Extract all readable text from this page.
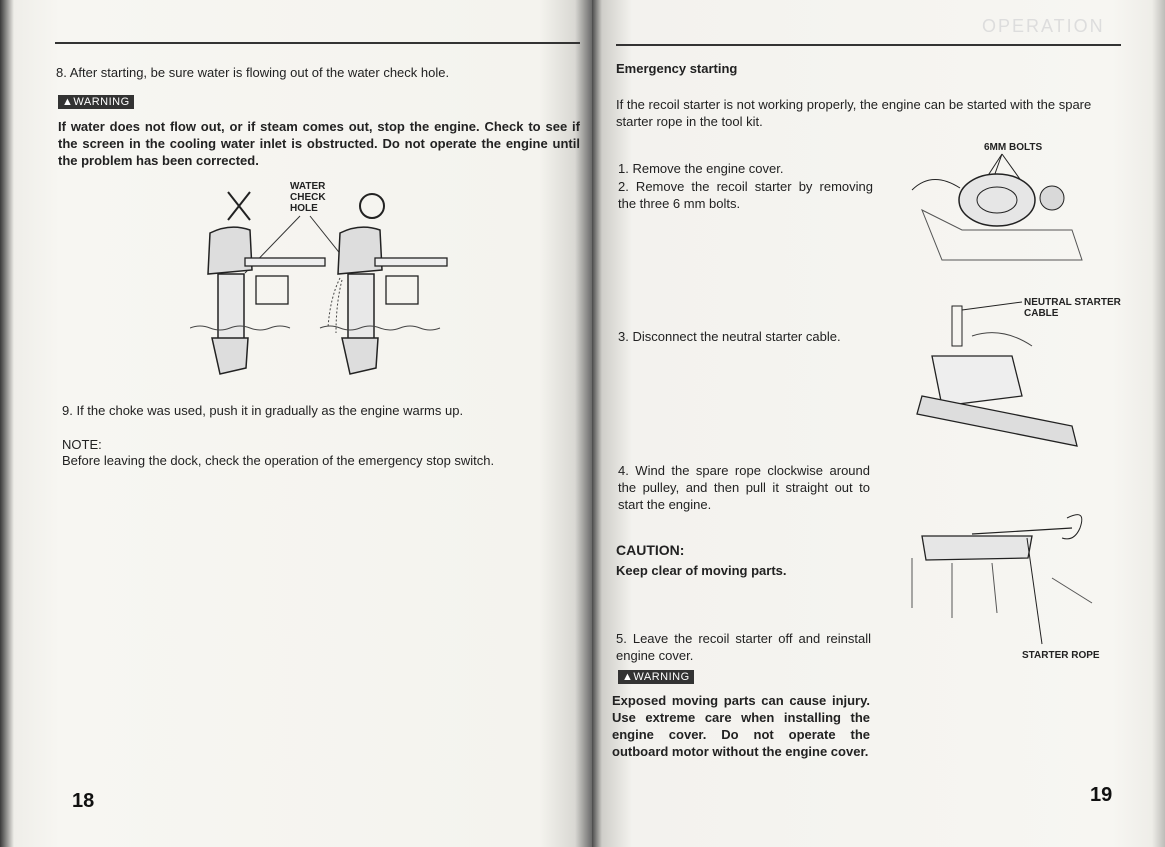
8. After starting, be sure water is flowing out of the water check hole.
▲WARNING
If water does not flow out, or if steam comes out, stop the engine. Check to see if the screen in the cooling water inlet is obstructed. Do not operate the engine until the problem has been corrected.
WATER CHECK HOLE
9. If the choke was used, push it in gradually as the engine warms up.
NOTE:
Before leaving the dock, check the operation of the emergency stop switch.
18
OPERATION
Emergency starting
If the recoil starter is not working properly, the engine can be started with the spare starter rope in the tool kit.
1. Remove the engine cover.
2. Remove the recoil starter by removing the three 6 mm bolts.
6MM BOLTS
3. Disconnect the neutral starter cable.
NEUTRAL STARTER CABLE
4. Wind the spare rope clockwise around the pulley, and then pull it straight out to start the engine.
CAUTION:
Keep clear of moving parts.
STARTER ROPE
5. Leave the recoil starter off and reinstall engine cover.
▲WARNING
Exposed moving parts can cause injury. Use extreme care when installing the engine cover. Do not operate the outboard motor without the engine cover.
19
